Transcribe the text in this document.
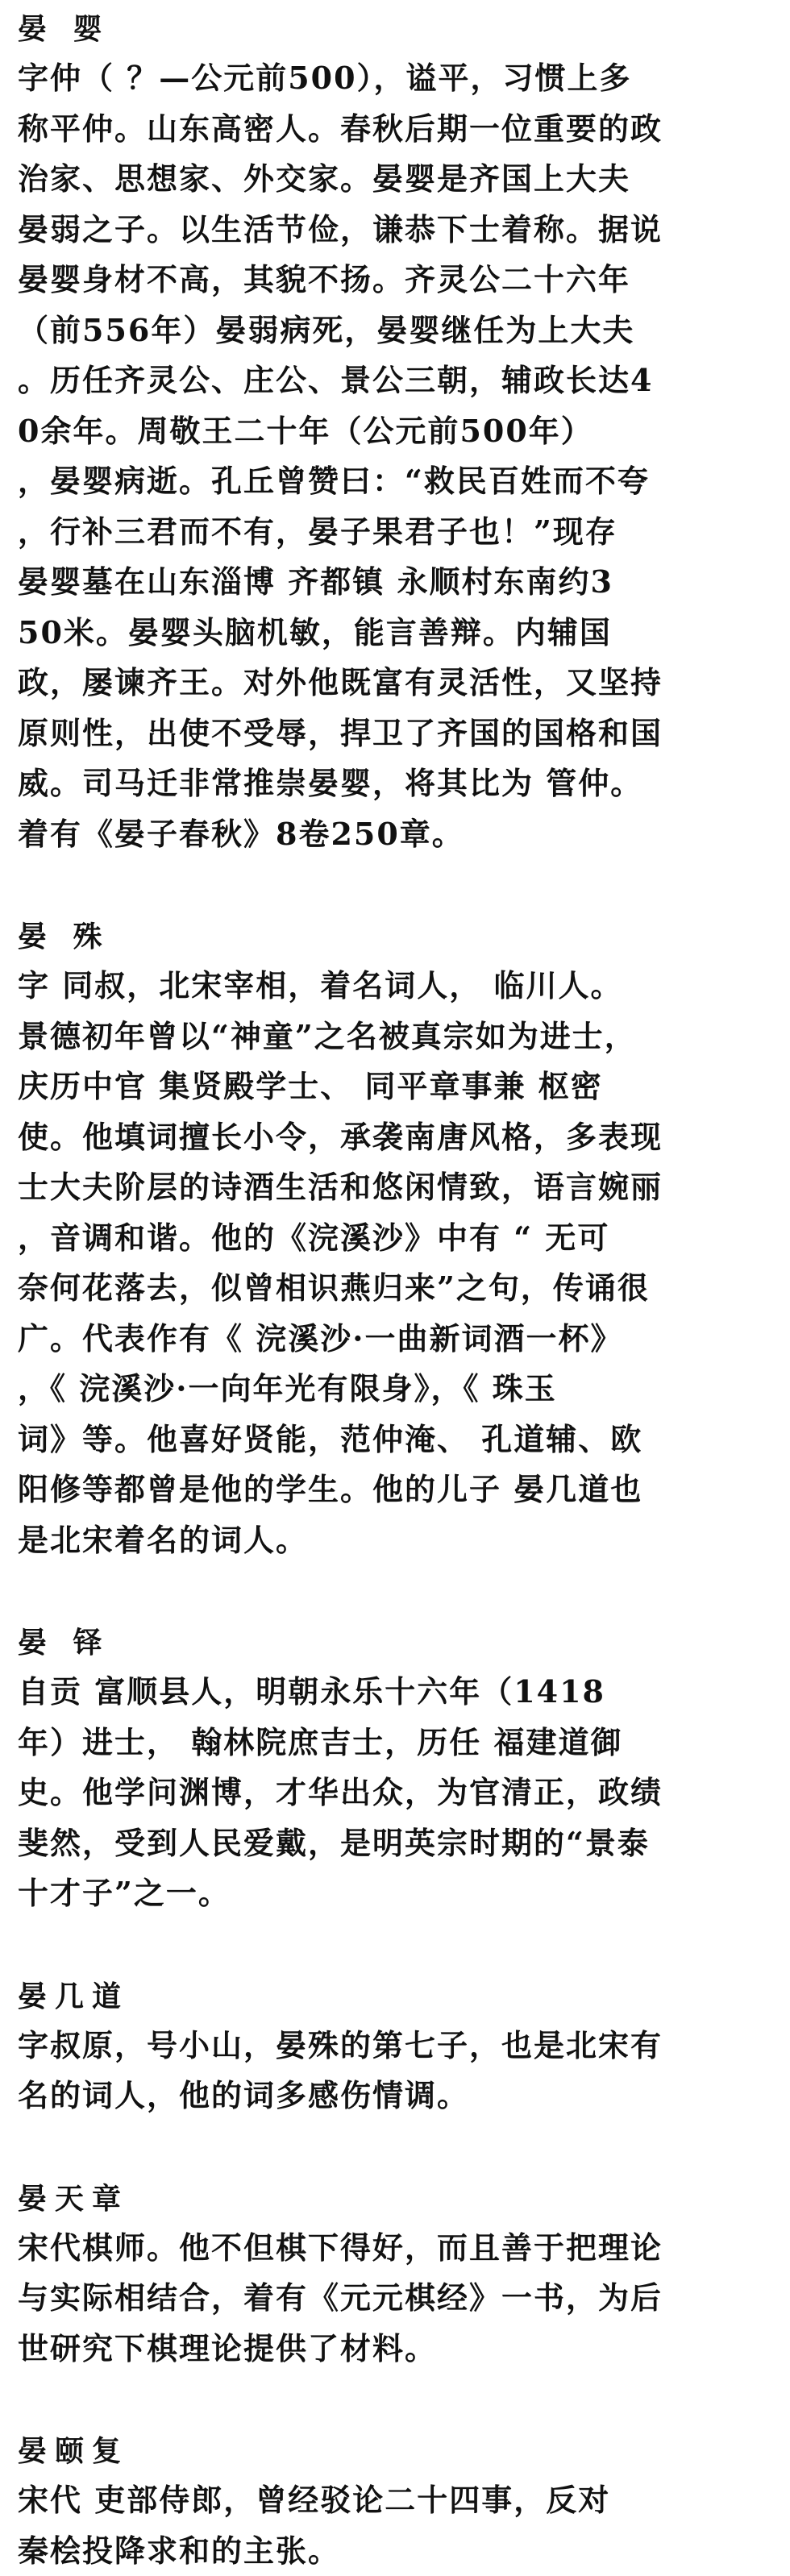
晏 婴

字仲（ ？—公元前500），谥平，习惯上多

称平仲。山东高密人。春秋后期一位重要的政

治家、思想家、外交家。晏婴是齐国上大夫

晏弱之子。以生活节俭，谦恭下士着称。据说

晏婴身材不高，其貌不扬。齐灵公二十六年

（前556年）晏弱病死，晏婴继任为上大夫

。历任齐灵公、庄公、景公三朝，辅政长达4

0余年。周敬王二十年（公元前500年）

，晏婴病逝。孔丘曾赞曰：“救民百姓而不夸

，行补三君而不有，晏子果君子也！”现存

晏婴墓在山东淄博 齐都镇 永顺村东南约3

50米。晏婴头脑机敏，能言善辩。内辅国

政，屡谏齐王。对外他既富有灵活性，又坚持

原则性，出使不受辱，捍卫了齐国的国格和国

威。司马迁非常推崇晏婴，将其比为 管仲。

着有《晏子春秋》8卷250章。

晏 殊

字 同叔，北宋宰相，着名词人， 临川人。

景德初年曾以“神童”之名被真宗如为进士，

庆历中官 集贤殿学士、 同平章事兼 枢密

使。他填词擅长小令，承袭南唐风格，多表现

士大夫阶层的诗酒生活和悠闲情致，语言婉丽

，音调和谐。他的《浣溪沙》中有 “ 无可

奈何花落去，似曾相识燕归来”之句，传诵很

广。代表作有《 浣溪沙·一曲新词酒一杯》

，《 浣溪沙·一向年光有限身》，《 珠玉

词》等。他喜好贤能，范仲淹、 孔道辅、欧

阳修等都曾是他的学生。他的儿子 晏几道也

是北宋着名的词人。

晏 铎

自贡 富顺县人，明朝永乐十六年（1418

年）进士， 翰林院庶吉士，历任 福建道御

史。他学问渊博，才华出众，为官清正，政绩

斐然，受到人民爱戴，是明英宗时期的“景泰

十才子”之一。

晏几道

字叔原，号小山，晏殊的第七子，也是北宋有

名的词人，他的词多感伤情调。

晏天章

宋代棋师。他不但棋下得好，而且善于把理论

与实际相结合，着有《元元棋经》一书，为后

世研究下棋理论提供了材料。

晏颐复

宋代 吏部侍郎，曾经驳论二十四事，反对

秦桧投降求和的主张。
